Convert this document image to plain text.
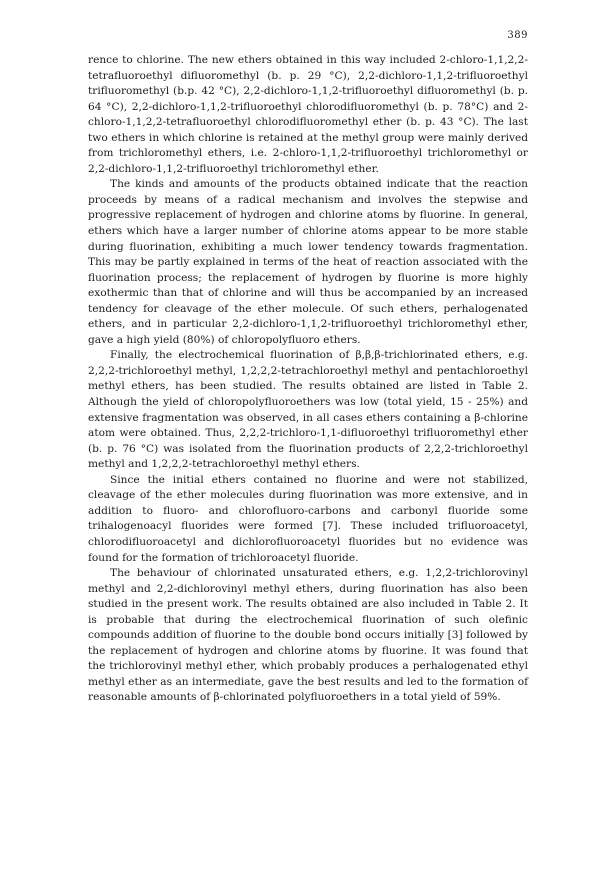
389

rence to chlorine. The new ethers obtained in this way included 2-chloro-1,1,2,2-tetrafluoroethyl difluoromethyl (b. p. 29 °C), 2,2-dichloro-1,1,2-trifluoroethyl trifluoromethyl (b.p. 42 °C), 2,2-dichloro-1,1,2-trifluoroethyl difluoromethyl (b. p. 64 °C), 2,2-dichloro-1,1,2-trifluoroethyl chlorodifluoromethyl (b. p. 78°C) and 2-chloro-1,1,2,2-tetrafluoroethyl chlorodifluoromethyl ether (b. p. 43 °C). The last two ethers in which chlorine is retained at the methyl group were mainly derived from trichloromethyl ethers, i.e. 2-chloro-1,1,2-trifluoroethyl trichloromethyl or 2,2-dichloro-1,1,2-trifluoroethyl trichloromethyl ether.

The kinds and amounts of the products obtained indicate that the reaction proceeds by means of a radical mechanism and involves the stepwise and progressive replacement of hydrogen and chlorine atoms by fluorine. In general, ethers which have a larger number of chlorine atoms appear to be more stable during fluorination, exhibiting a much lower tendency towards fragmentation. This may be partly explained in terms of the heat of reaction associated with the fluorination process; the replacement of hydrogen by fluorine is more highly exothermic than that of chlorine and will thus be accompanied by an increased tendency for cleavage of the ether molecule. Of such ethers, perhalogenated ethers, and in particular 2,2-dichloro-1,1,2-trifluoroethyl trichloromethyl ether, gave a high yield (80%) of chloropolyfluoro ethers.

Finally, the electrochemical fluorination of β,β,β-trichlorinated ethers, e.g. 2,2,2-trichloroethyl methyl, 1,2,2,2-tetrachloroethyl methyl and pentachloroethyl methyl ethers, has been studied. The results obtained are listed in Table 2. Although the yield of chloropolyfluoroethers was low (total yield, 15 - 25%) and extensive fragmentation was observed, in all cases ethers containing a β-chlorine atom were obtained. Thus, 2,2,2-trichloro-1,1-difluoroethyl trifluoromethyl ether (b. p. 76 °C) was isolated from the fluorination products of 2,2,2-trichloroethyl methyl and 1,2,2,2-tetrachloroethyl methyl ethers.

Since the initial ethers contained no fluorine and were not stabilized, cleavage of the ether molecules during fluorination was more extensive, and in addition to fluoro- and chlorofluoro-carbons and carbonyl fluoride some trihalogenoacyl fluorides were formed [7]. These included trifluoroacetyl, chlorodifluoroacetyl and dichlorofluoroacetyl fluorides but no evidence was found for the formation of trichloroacetyl fluoride.

The behaviour of chlorinated unsaturated ethers, e.g. 1,2,2-trichlorovinyl methyl and 2,2-dichlorovinyl methyl ethers, during fluorination has also been studied in the present work. The results obtained are also included in Table 2. It is probable that during the electrochemical fluorination of such olefinic compounds addition of fluorine to the double bond occurs initially [3] followed by the replacement of hydrogen and chlorine atoms by fluorine. It was found that the trichlorovinyl methyl ether, which probably produces a perhalogenated ethyl methyl ether as an intermediate, gave the best results and led to the formation of reasonable amounts of β-chlorinated polyfluoroethers in a total yield of 59%.
